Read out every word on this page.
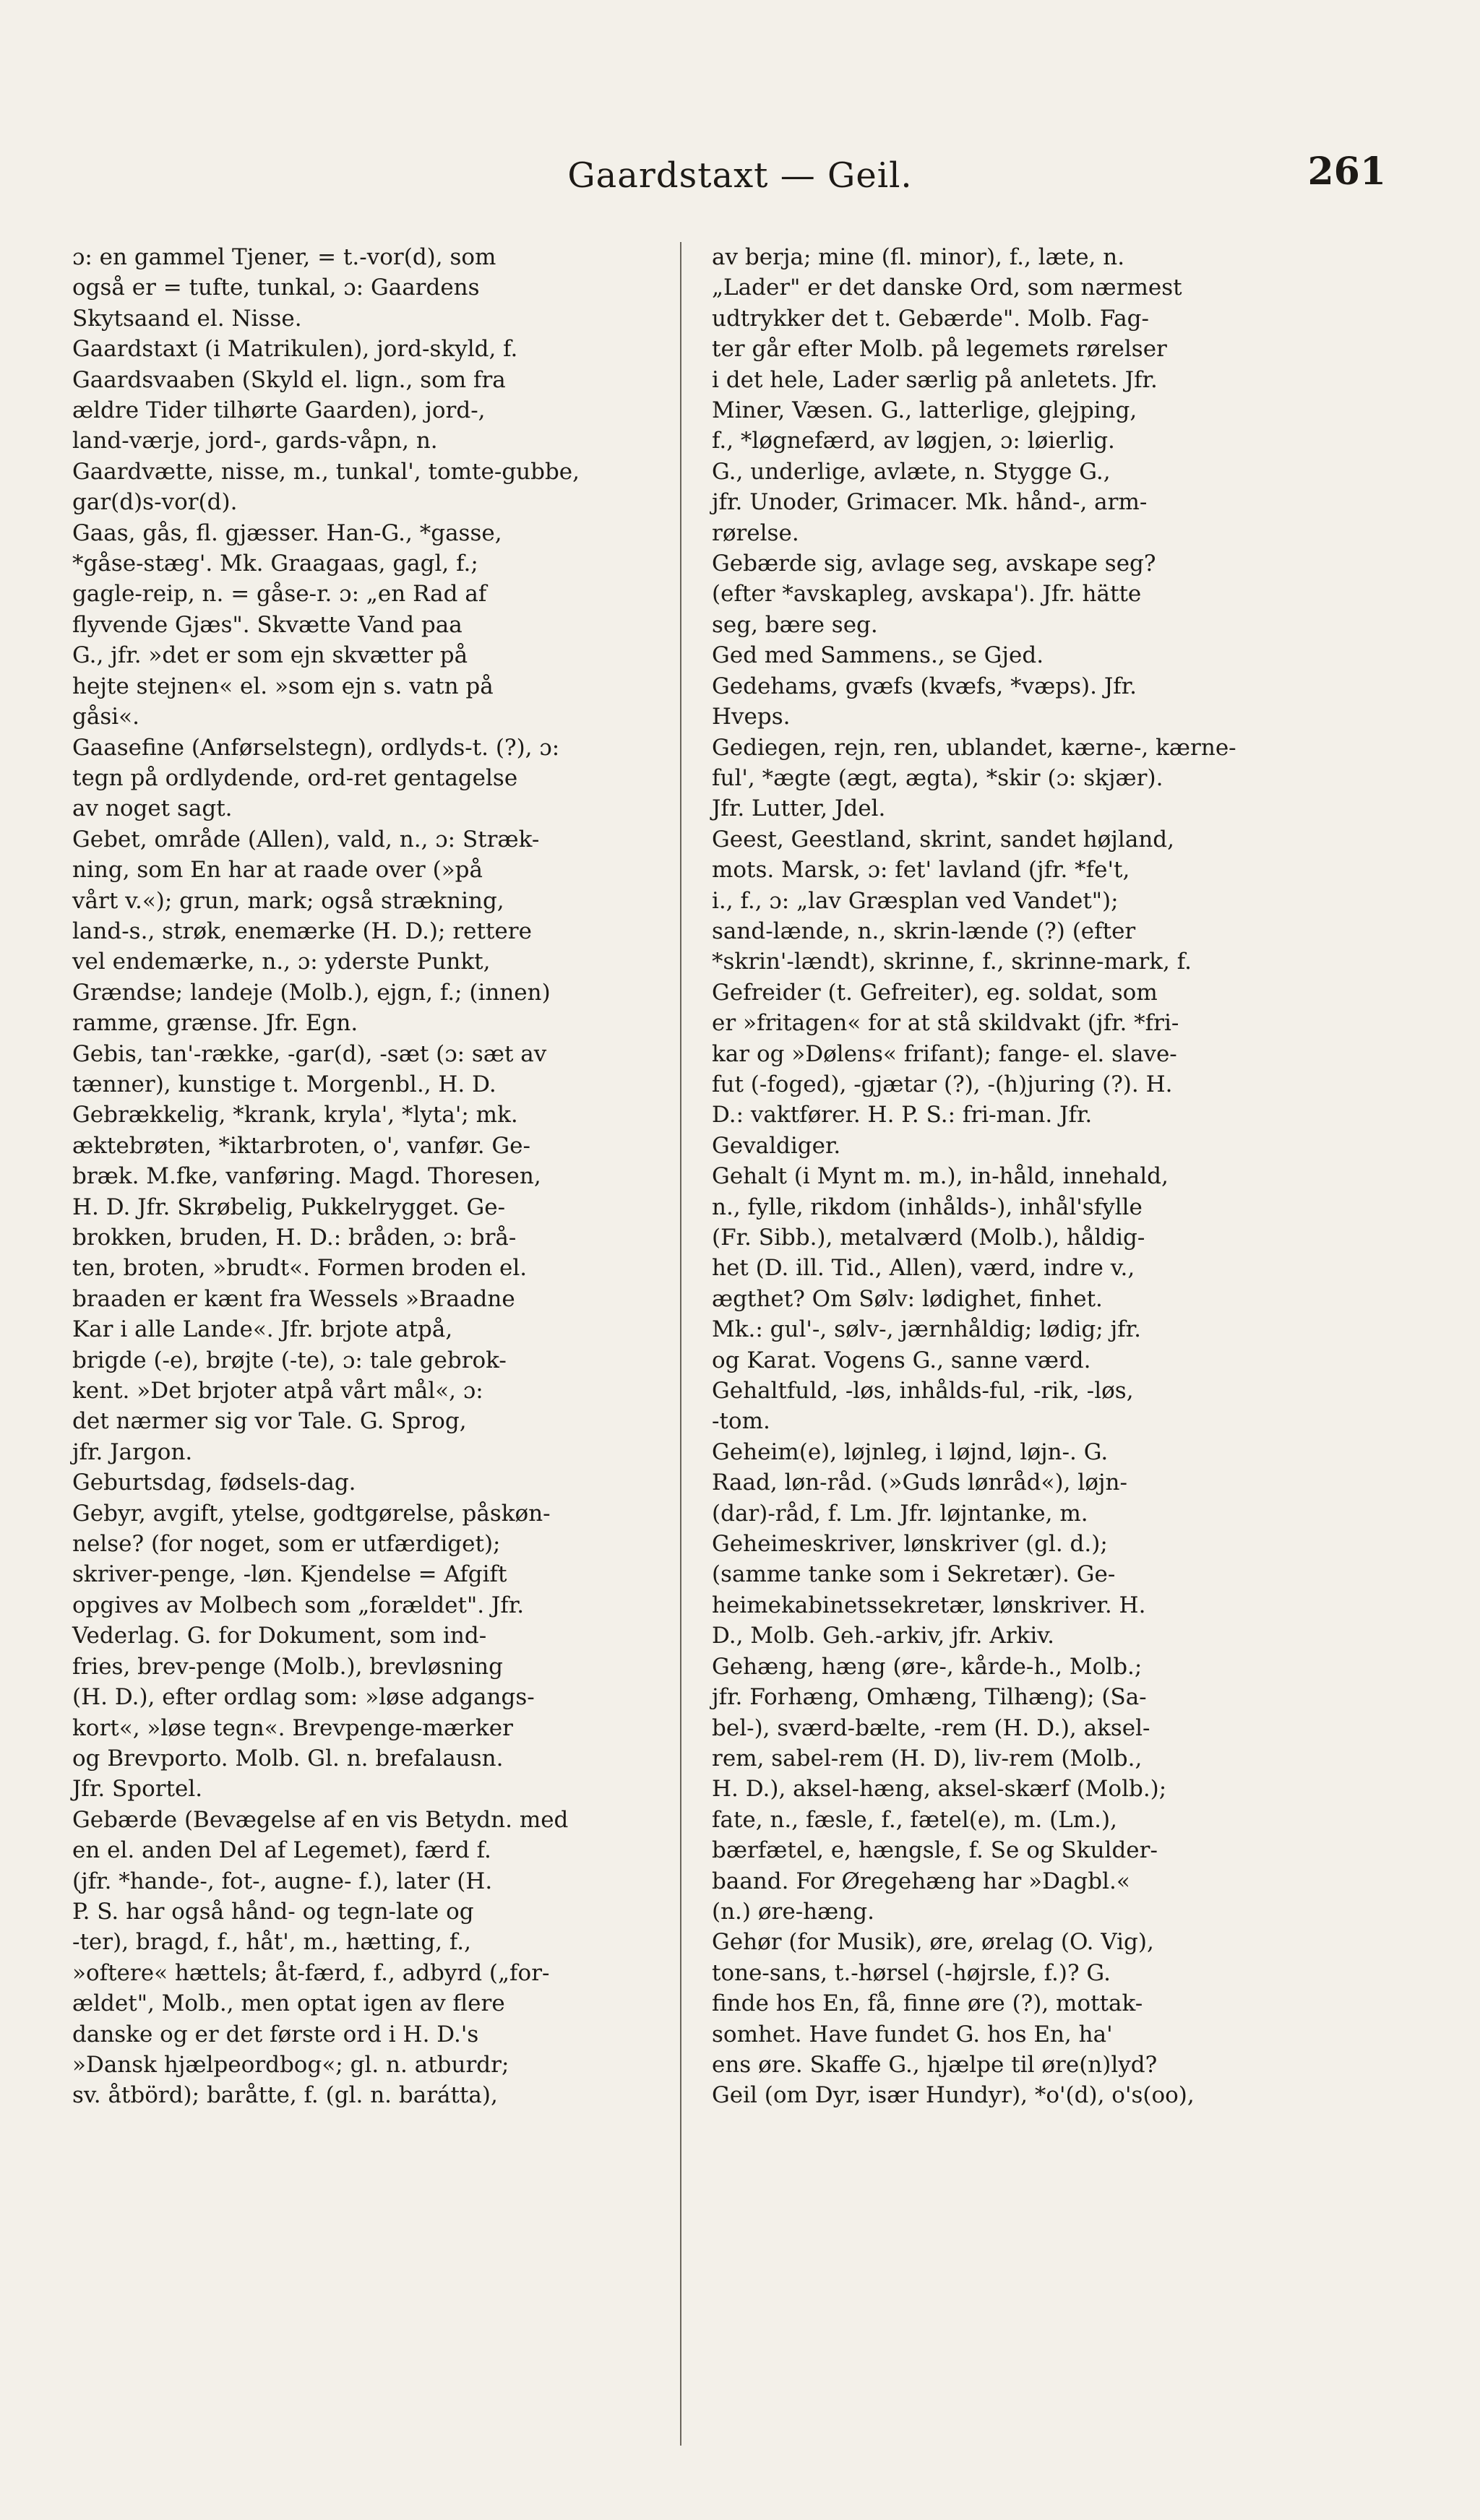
Gaardstaxt — Geil.	261
ɔ: en gammel Tjener, = t.-vor(d), som
også er = tufte, tunkal, ɔ: Gaardens
Skytsaand el. Nisse.
Gaardstaxt (i Matrikulen), jord-skyld, f.
Gaardsvaaben (Skyld el. lign., som fra
ældre Tider tilhørte Gaarden), jord-,
land-værje, jord-, gards-våpn, n.
Gaardvætte, nisse, m., tunkal', tomte-gubbe,
gar(d)s-vor(d).
Gaas, gås, fl. gjæsser. Han-G., *gasse,
*gåse-stæg'. Mk. Graagaas, gagl, f.;
gagle-reip, n. = gåse-r. ɔ: „en Rad af
flyvende Gjæs". Skvætte Vand paa
G., jfr. »det er som ejn skvætter på
hejte stejnen« el. »som ejn s. vatn på
gåsi«.
Gaasefine (Anførselstegn), ordlyds-t. (?), ɔ:
tegn på ordlydende, ord-ret gentagelse
av noget sagt.
Gebet, område (Allen), vald, n., ɔ: Stræk-
ning, som En har at raade over (»på
vårt v.«); grun, mark; også strækning,
land-s., strøk, enemærke (H. D.); rettere
vel endemærke, n., ɔ: yderste Punkt,
Grændse; landeje (Molb.), ejgn, f.; (innen)
ramme, grænse. Jfr. Egn.
Gebis, tan'-række, -gar(d), -sæt (ɔ: sæt av
tænner), kunstige t. Morgenbl., H. D.
Gebrækkelig, *krank, kryla', *lyta'; mk.
æktebrøten, *iktarbroten, o', vanfør. Ge-
bræk. M.fke, vanføring. Magd. Thoresen,
H. D. Jfr. Skrøbelig, Pukkelrygget. Ge-
brokken, bruden, H. D.: bråden, ɔ: brå-
ten, broten, »brudt«. Formen broden el.
braaden er kænt fra Wessels »Braadne
Kar i alle Lande«. Jfr. brjote atpå,
brigde (-e), brøjte (-te), ɔ: tale gebrok-
kent. »Det brjoter atpå vårt mål«, ɔ:
det nærmer sig vor Tale. G. Sprog,
jfr. Jargon.
Geburtsdag, fødsels-dag.
Gebyr, avgift, ytelse, godtgørelse, påskøn-
nelse? (for noget, som er utfærdiget);
skriver-penge, -løn. Kjendelse = Afgift
opgives av Molbech som „forældet". Jfr.
Vederlag. G. for Dokument, som ind-
fries, brev-penge (Molb.), brevløsning
(H. D.), efter ordlag som: »løse adgangs-
kort«, »løse tegn«. Brevpenge-mærker
og Brevporto. Molb. Gl. n. brefalausn.
Jfr. Sportel.
Gebærde (Bevægelse af en vis Betydn. med
en el. anden Del af Legemet), færd f.
(jfr. *hande-, fot-, augne- f.), later (H.
P. S. har også hånd- og tegn-late og
-ter), bragd, f., håt', m., hætting, f.,
»oftere« hættels; åt-færd, f., adbyrd („for-
ældet", Molb., men optat igen av flere
danske og er det første ord i H. D.'s
»Dansk hjælpeordbog«; gl. n. atburdr;
sv. åtbörd); baråtte, f. (gl. n. barátta),
av berja; mine (fl. minor), f., læte, n.
„Lader" er det danske Ord, som nærmest
udtrykker det t. Gebærde". Molb. Fag-
ter går efter Molb. på legemets rørelser
i det hele, Lader særlig på anletets. Jfr.
Miner, Væsen. G., latterlige, glejping,
f., *løgnefærd, av løgjen, ɔ: løierlig.
G., underlige, avlæte, n. Stygge G.,
jfr. Unoder, Grimacer. Mk. hånd-, arm-
rørelse.
Gebærde sig, avlage seg, avskape seg?
(efter *avskapleg, avskapa'). Jfr. hätte
seg, bære seg.
Ged med Sammens., se Gjed.
Gedehams, gvæfs (kvæfs, *væps). Jfr.
Hveps.
Gediegen, rejn, ren, ublandet, kærne-, kærne-
ful', *ægte (ægt, ægta), *skir (ɔ: skjær).
Jfr. Lutter, Jdel.
Geest, Geestland, skrint, sandet højland,
mots. Marsk, ɔ: fet' lavland (jfr. *fe't,
i., f., ɔ: „lav Græsplan ved Vandet");
sand-lænde, n., skrin-lænde (?) (efter
*skrin'-lændt), skrinne, f., skrinne-mark, f.
Gefreider (t. Gefreiter), eg. soldat, som
er »fritagen« for at stå skildvakt (jfr. *fri-
kar og »Dølens« frifant); fange- el. slave-
fut (-foged), -gjætar (?), -(h)juring (?). H.
D.: vaktfører. H. P. S.: fri-man. Jfr.
Gevaldiger.
Gehalt (i Mynt m. m.), in-håld, innehald,
n., fylle, rikdom (inhålds-), inhål'sfylle
(Fr. Sibb.), metalværd (Molb.), håldig-
het (D. ill. Tid., Allen), værd, indre v.,
ægthet? Om Sølv: lødighet, finhet.
Mk.: gul'-, sølv-, jærnhåldig; lødig; jfr.
og Karat. Vogens G., sanne værd.
Gehaltfuld, -løs, inhålds-ful, -rik, -løs,
-tom.
Geheim(e), løjnleg, i løjnd, løjn-. G.
Raad, løn-råd. (»Guds lønråd«), løjn-
(dar)-råd, f. Lm. Jfr. løjntanke, m.
Geheimeskriver, lønskriver (gl. d.);
(samme tanke som i Sekretær). Ge-
heimekabinetssekretær, lønskriver. H.
D., Molb. Geh.-arkiv, jfr. Arkiv.
Gehæng, hæng (øre-, kårde-h., Molb.;
jfr. Forhæng, Omhæng, Tilhæng); (Sa-
bel-), sværd-bælte, -rem (H. D.), aksel-
rem, sabel-rem (H. D), liv-rem (Molb.,
H. D.), aksel-hæng, aksel-skærf (Molb.);
fate, n., fæsle, f., fætel(e), m. (Lm.),
bærfætel, e, hængsle, f. Se og Skulder-
baand. For Øregehæng har »Dagbl.«
(n.) øre-hæng.
Gehør (for Musik), øre, ørelag (O. Vig),
tone-sans, t.-hørsel (-højrsle, f.)? G.
finde hos En, få, finne øre (?), mottak-
somhet. Have fundet G. hos En, ha'
ens øre. Skaffe G., hjælpe til øre(n)lyd?
Geil (om Dyr, især Hundyr), *o'(d), o's(oo),
